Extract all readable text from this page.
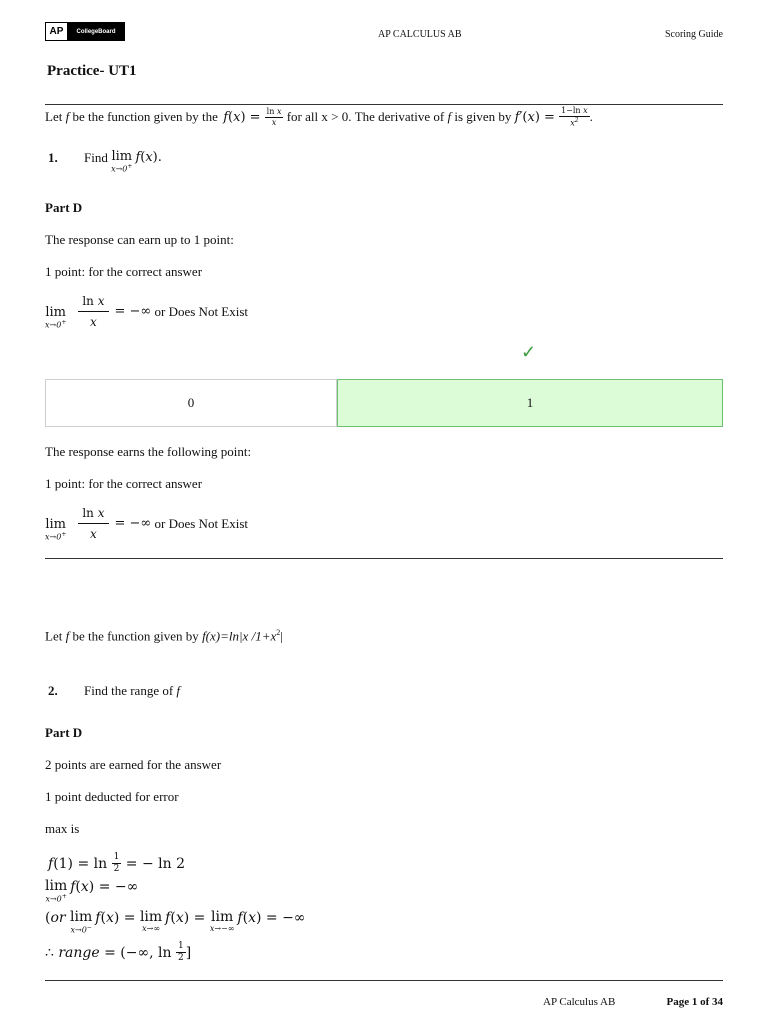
AP	CollegeBoard	AP CALCULUS AB	Scoring Guide
Practice- UT1
Let
f
be the function given by the
f ( x ) = $\frac{\text{ln x}}{x}$
for all
x > 0.
The derivative of
f
is given by
f′ ( x ) = $\frac{\text{1−ln x}}{x^2}$ .
1. Find
lim
x→0+
f ( x ).
Part D
The response can earn up to 1 point:
1 point: for the correct answer
lim
$x\to 0^+ \frac{\text{ln x}}{x}$ = −∞
or Does Not Exist
✓
0	1
The response earns the following point:
1 point: for the correct answer
lim
$x\to 0^+ \frac{\text{ln x}}{x}$ = −∞
or Does Not Exist
Let f be the function given by f(x)=ln|x $/1+x^2|$
2. Find the range of f
Part D
2 points are earned for the answer
1 point deducted for error
max is
f $(1) = \ln \frac{1}{2}$ = − ln 2
lim
x→0+
f ( x ) = −∞
( or lim
x→0−
f ( x ) = lim
x→∞
f ( x ) = lim
x→−∞
f ( x ) = −∞
∴ range = (−∞, $\ln \frac{1}{2}$ ]
AP Calculus AB	Page 1 of 34
